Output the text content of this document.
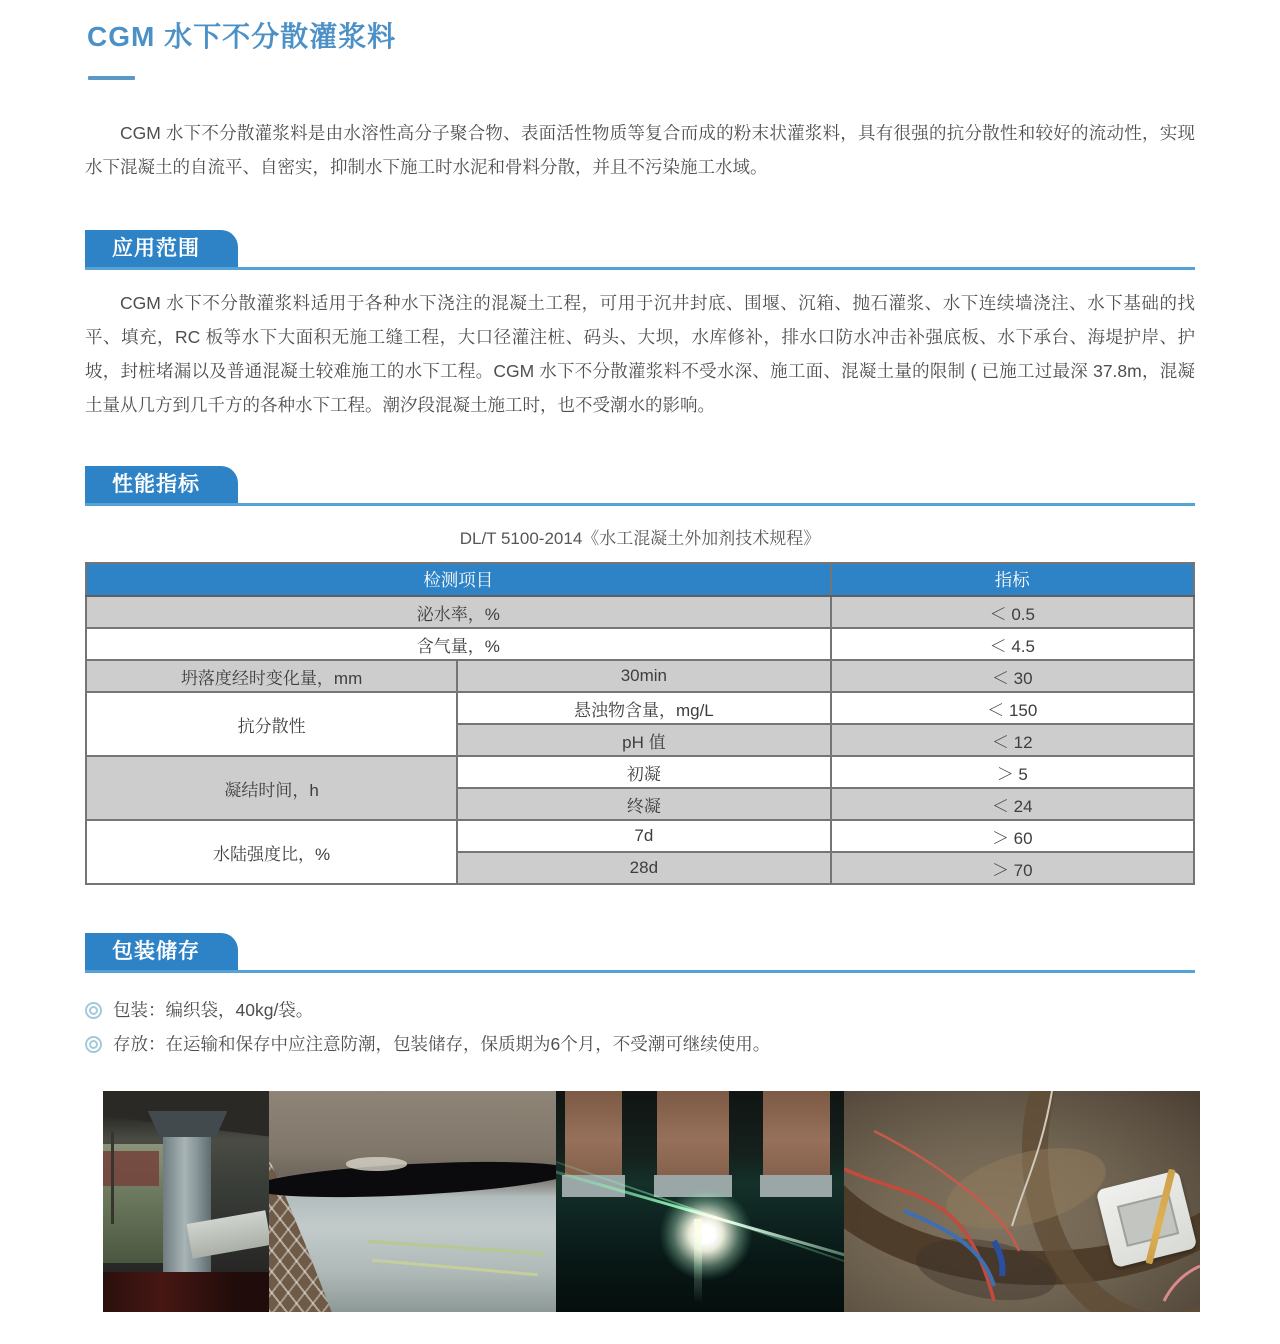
CGM 水下不分散灌浆料

CGM 水下不分散灌浆料是由水溶性高分子聚合物、表面活性物质等复合而成的粉末状灌浆料，具有很强的抗分散性和较好的流动性，实现水下混凝土的自流平、自密实，抑制水下施工时水泥和骨料分散，并且不污染施工水域。

应用范围

CGM 水下不分散灌浆料适用于各种水下浇注的混凝土工程，可用于沉井封底、围堰、沉箱、抛石灌浆、水下连续墙浇注、水下基础的找平、填充，RC 板等水下大面积无施工缝工程，大口径灌注桩、码头、大坝，水库修补，排水口防水冲击补强底板、水下承台、海堤护岸、护坡，封桩堵漏以及普通混凝土较难施工的水下工程。CGM 水下不分散灌浆料不受水深、施工面、混凝土量的限制 ( 已施工过最深 37.8m，混凝土量从几方到几千方的各种水下工程。潮汐段混凝土施工时，也不受潮水的影响。

性能指标
DL/T 5100-2014《水工混凝土外加剂技术规程》
检测项目		指标
泌水率，%		＜ 0.5
含气量，%		＜ 4.5
坍落度经时变化量，mm	30min	＜ 30
抗分散性	悬浊物含量，mg/L	＜ 150
	pH 值	＜ 12
凝结时间，h	初凝	＞ 5
	终凝	＜ 24
水陆强度比，%	7d	＞ 60
	28d	＞ 70
包装储存
包装：编织袋，40kg/袋。
存放：在运输和保存中应注意防潮，包装储存，保质期为6个月，不受潮可继续使用。
